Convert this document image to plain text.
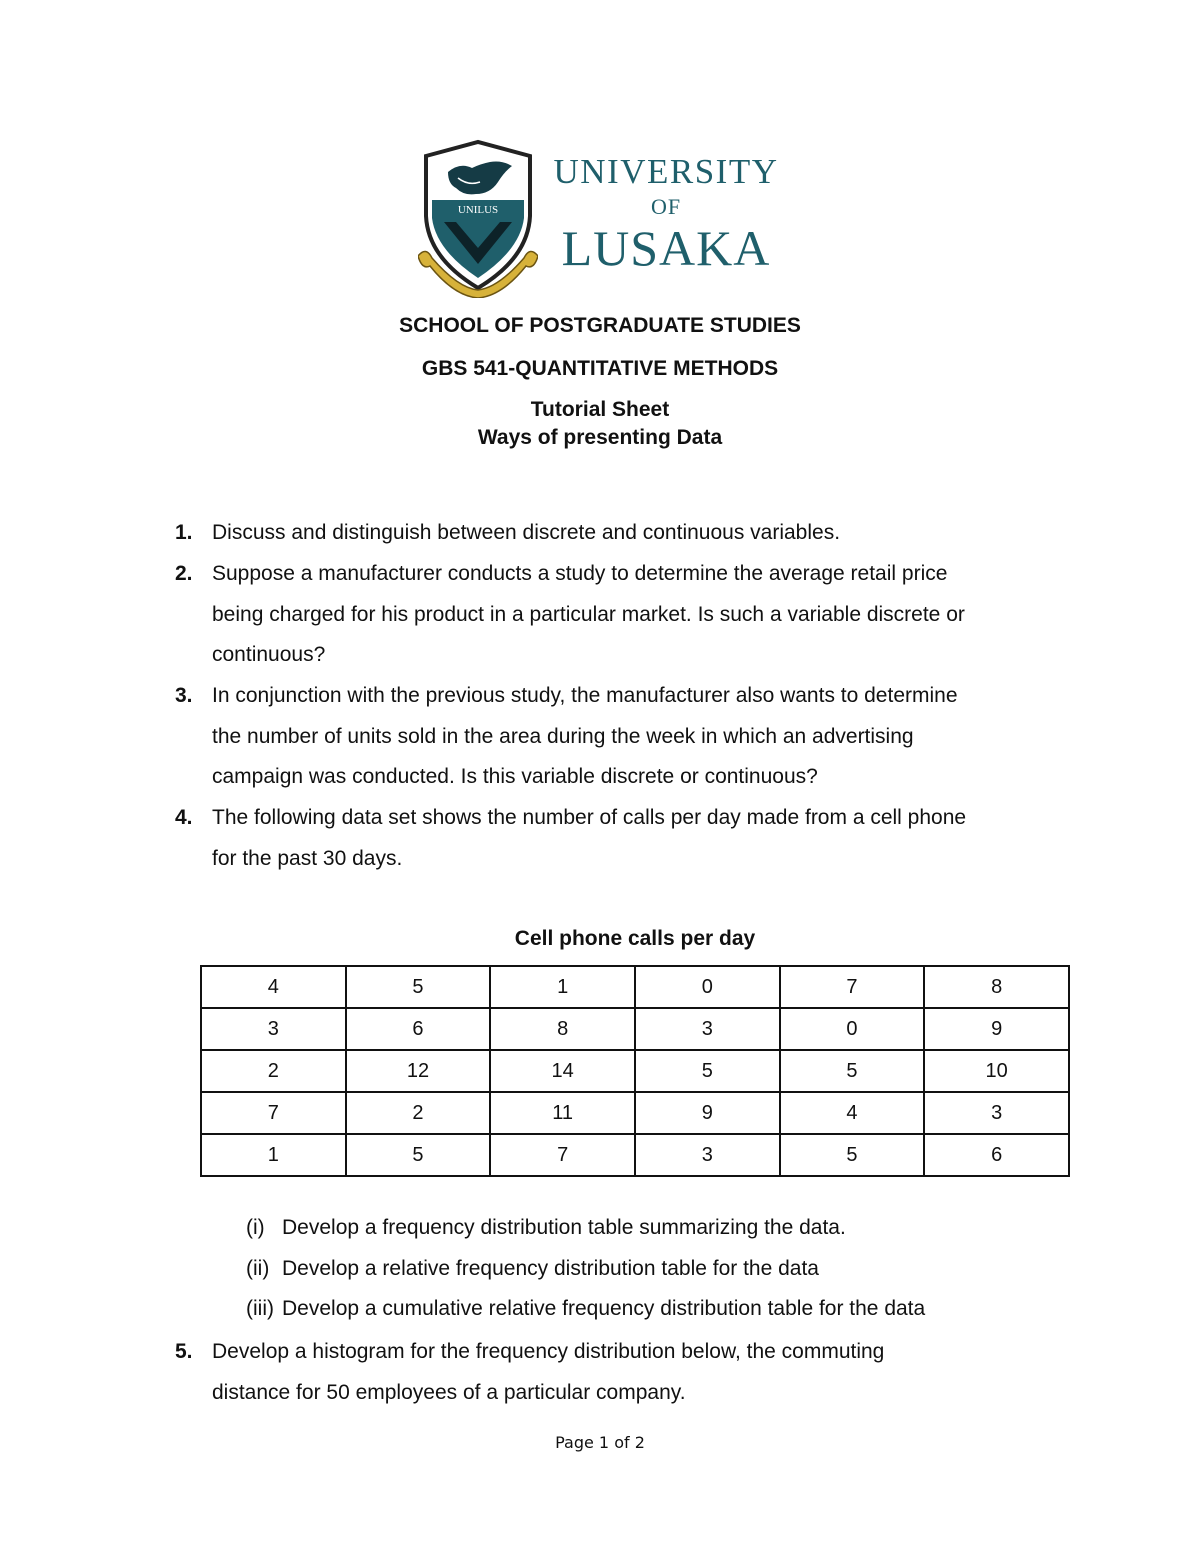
UNILUS
UNIVERSITY
OF
LUSAKA
SCHOOL OF POSTGRADUATE STUDIES
GBS 541-QUANTITATIVE METHODS
Tutorial Sheet
Ways of presenting Data
1. Discuss and distinguish between discrete and continuous variables.
2. Suppose a manufacturer conducts a study to determine the average retail price
being charged for his product in a particular market. Is such a variable discrete or
continuous?
3. In conjunction with the previous study, the manufacturer also wants to determine
the number of units sold in the area during the week in which an advertising
campaign was conducted. Is this variable discrete or continuous?
4. The following data set shows the number of calls per day made from a cell phone
for the past 30 days.
Cell phone calls per day
4	5	1	0	7	8
3	6	8	3	0	9
2	12	14	5	5	10
7	2	11	9	4	3
1	5	7	3	5	6
(i) Develop a frequency distribution table summarizing the data.
(ii) Develop a relative frequency distribution table for the data
(iii) Develop a cumulative relative frequency distribution table for the data
5. Develop a histogram for the frequency distribution below, the commuting
distance for 50 employees of a particular company.
Page 1 of 2
